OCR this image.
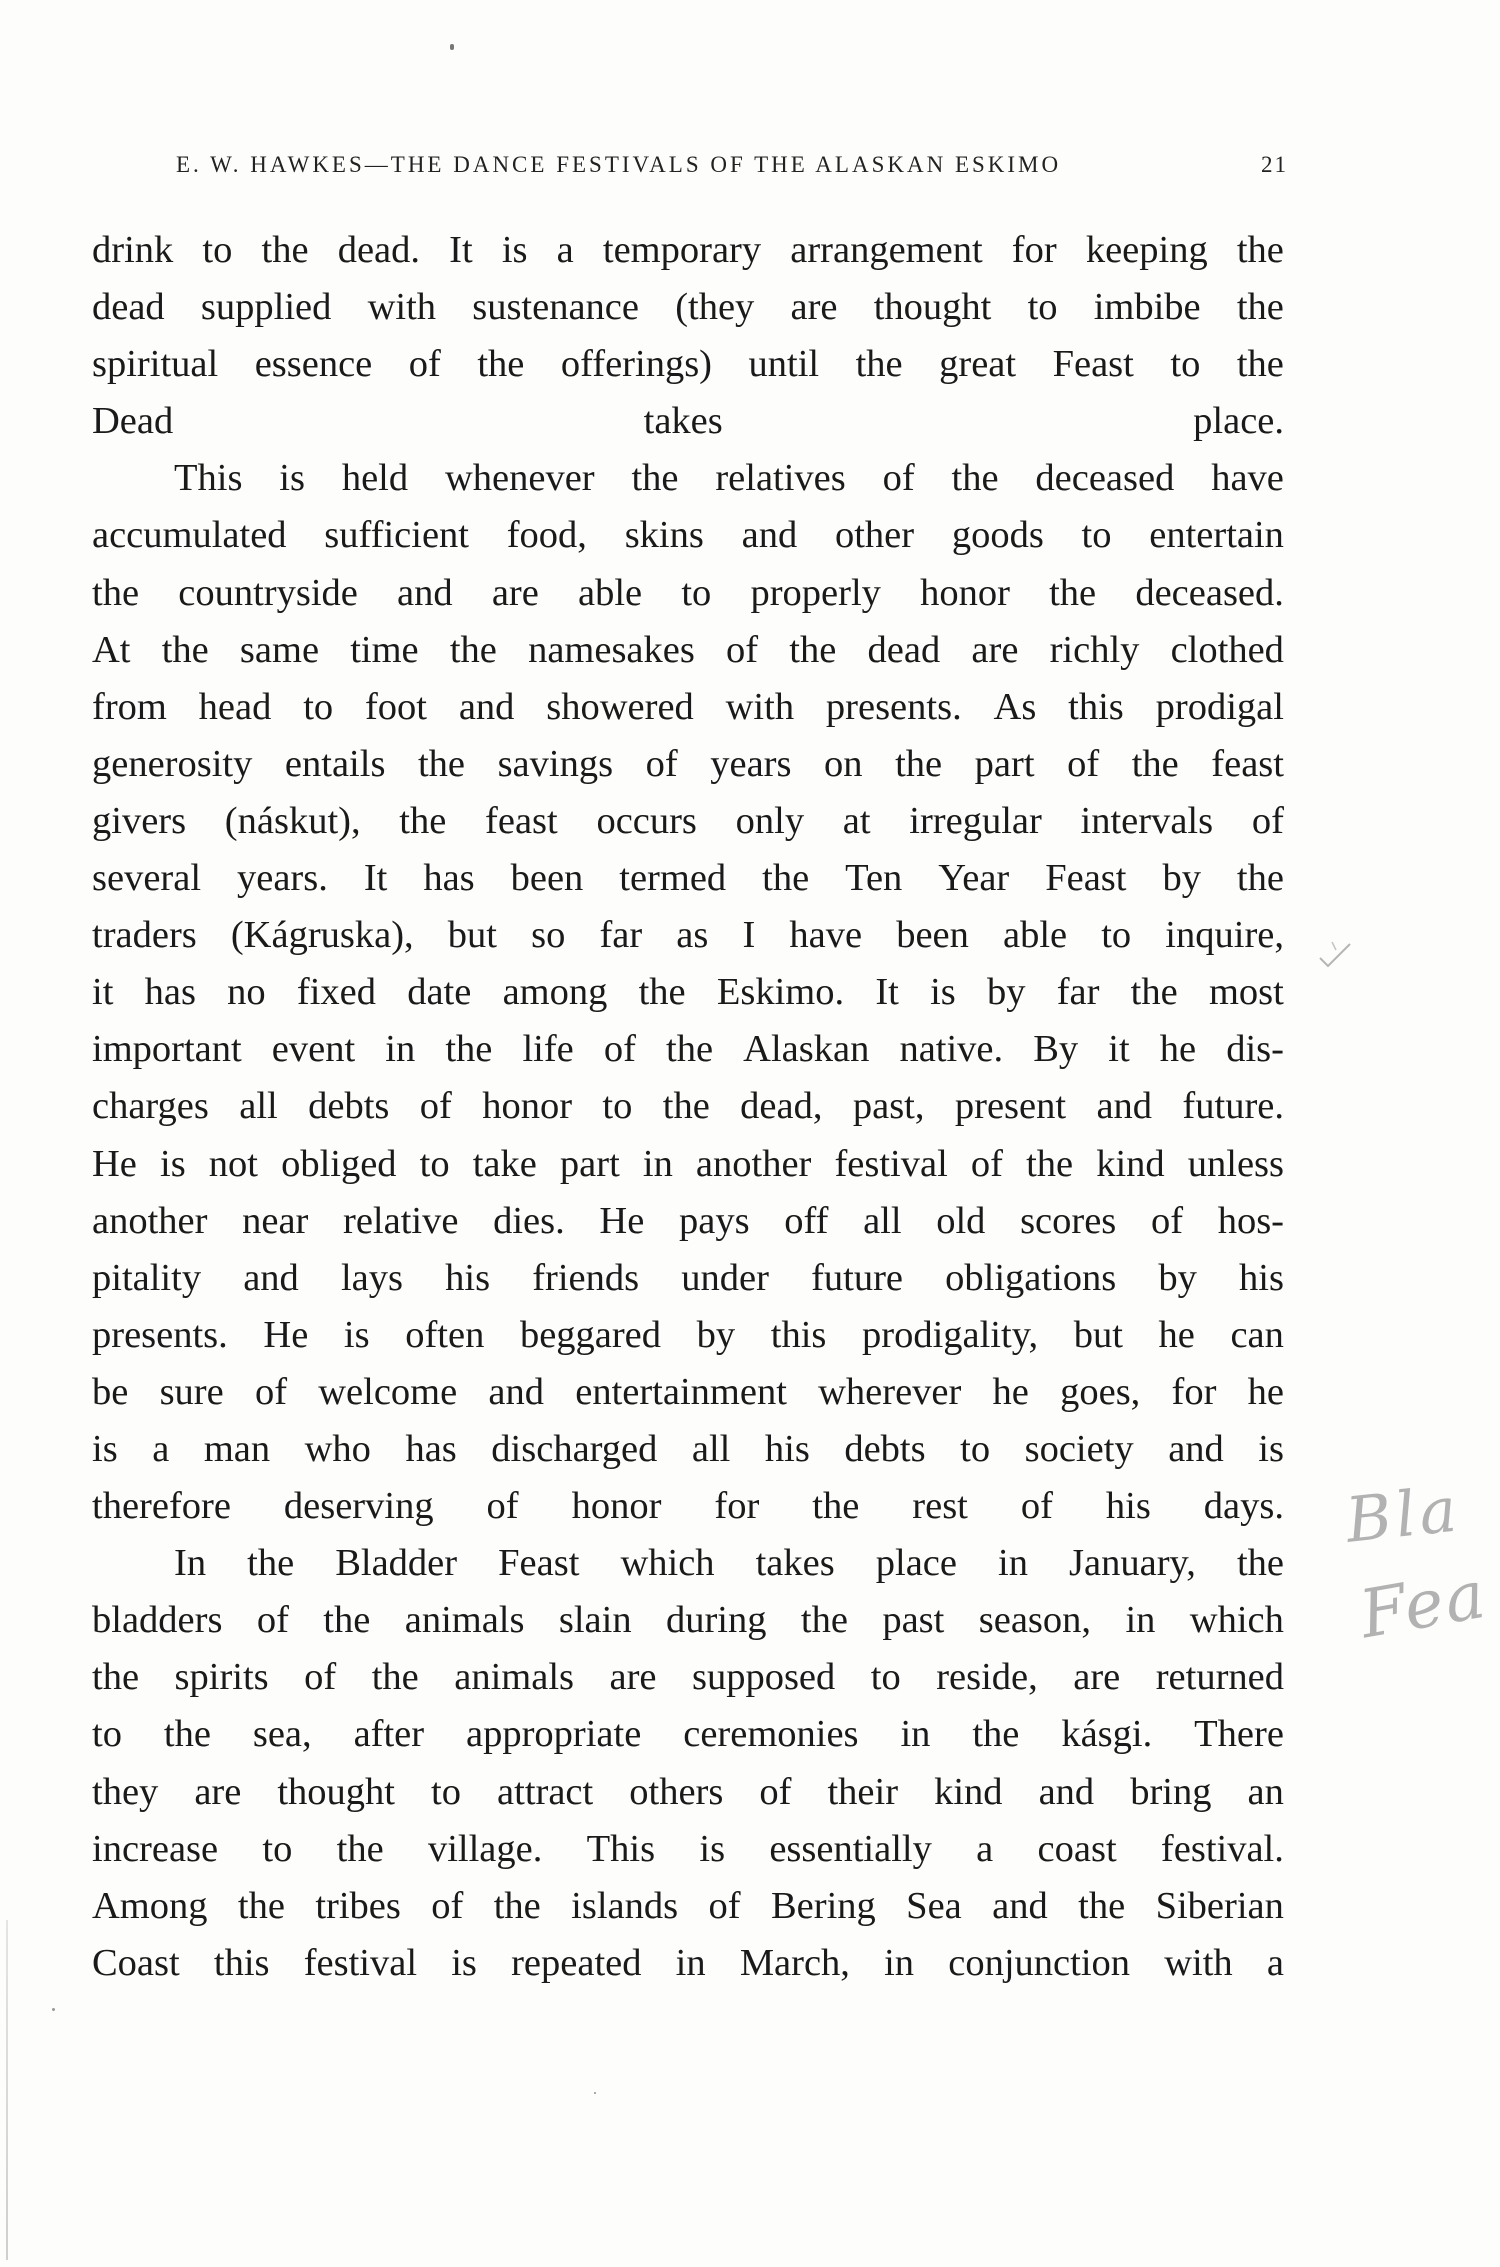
E. W. HAWKES—THE DANCE FESTIVALS OF THE ALASKAN ESKIMO	21
drink to the dead. It is a temporary arrangement for keeping the
dead supplied with sustenance (they are thought to imbibe the
spiritual essence of the offerings) until the great Feast to the
Dead takes place.
This is held whenever the relatives of the deceased have
accumulated sufficient food, skins and other goods to entertain
the countryside and are able to properly honor the deceased.
At the same time the namesakes of the dead are richly clothed
from head to foot and showered with presents. As this prodigal
generosity entails the savings of years on the part of the feast
givers (náskut), the feast occurs only at irregular intervals of
several years. It has been termed the Ten Year Feast by the
traders (Kágruska), but so far as I have been able to inquire,
it has no fixed date among the Eskimo. It is by far the most
important event in the life of the Alaskan native. By it he dis-
charges all debts of honor to the dead, past, present and future.
He is not obliged to take part in another festival of the kind unless
another near relative dies. He pays off all old scores of hos-
pitality and lays his friends under future obligations by his
presents. He is often beggared by this prodigality, but he can
be sure of welcome and entertainment wherever he goes, for he
is a man who has discharged all his debts to society and is
therefore deserving of honor for the rest of his days.
In the Bladder Feast which takes place in January, the
bladders of the animals slain during the past season, in which
the spirits of the animals are supposed to reside, are returned
to the sea, after appropriate ceremonies in the kásgi. There
they are thought to attract others of their kind and bring an
increase to the village. This is essentially a coast festival.
Among the tribes of the islands of Bering Sea and the Siberian
Coast this festival is repeated in March, in conjunction with a
Bla
Fea
